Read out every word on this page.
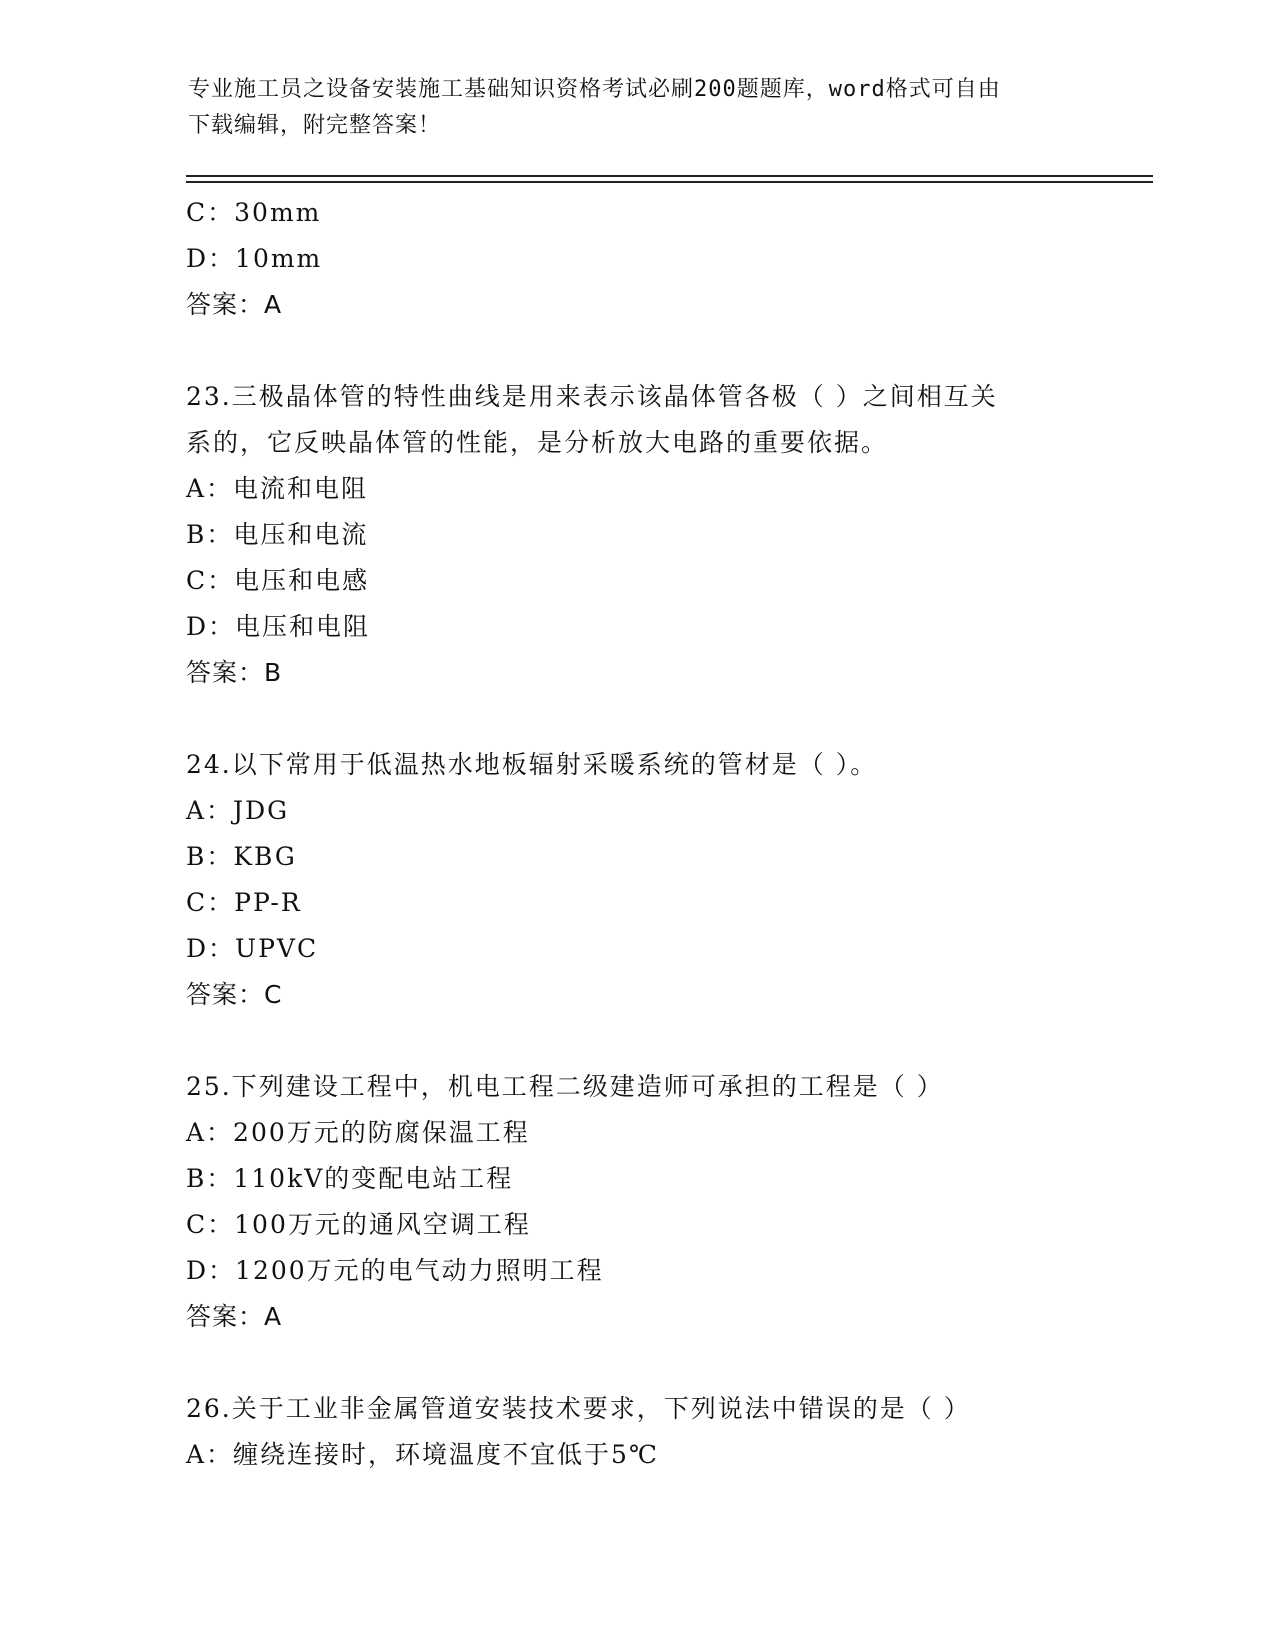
专业施工员之设备安装施工基础知识资格考试必刷200题题库，word格式可自由
下载编辑，附完整答案！
C：30mm
D：10mm
答案：A
23.三极晶体管的特性曲线是用来表示该晶体管各极（ ）之间相互关
系的，它反映晶体管的性能，是分析放大电路的重要依据。
A：电流和电阻
B：电压和电流
C：电压和电感
D：电压和电阻
答案：B
24.以下常用于低温热水地板辐射采暖系统的管材是（ ）。
A：JDG
B：KBG
C：PP-R
D：UPVC
答案：C
25.下列建设工程中，机电工程二级建造师可承担的工程是（ ）
A：200万元的防腐保温工程
B：110kV的变配电站工程
C：100万元的通风空调工程
D：1200万元的电气动力照明工程
答案：A
26.关于工业非金属管道安装技术要求，下列说法中错误的是（ ）
A：缠绕连接时，环境温度不宜低于5℃
